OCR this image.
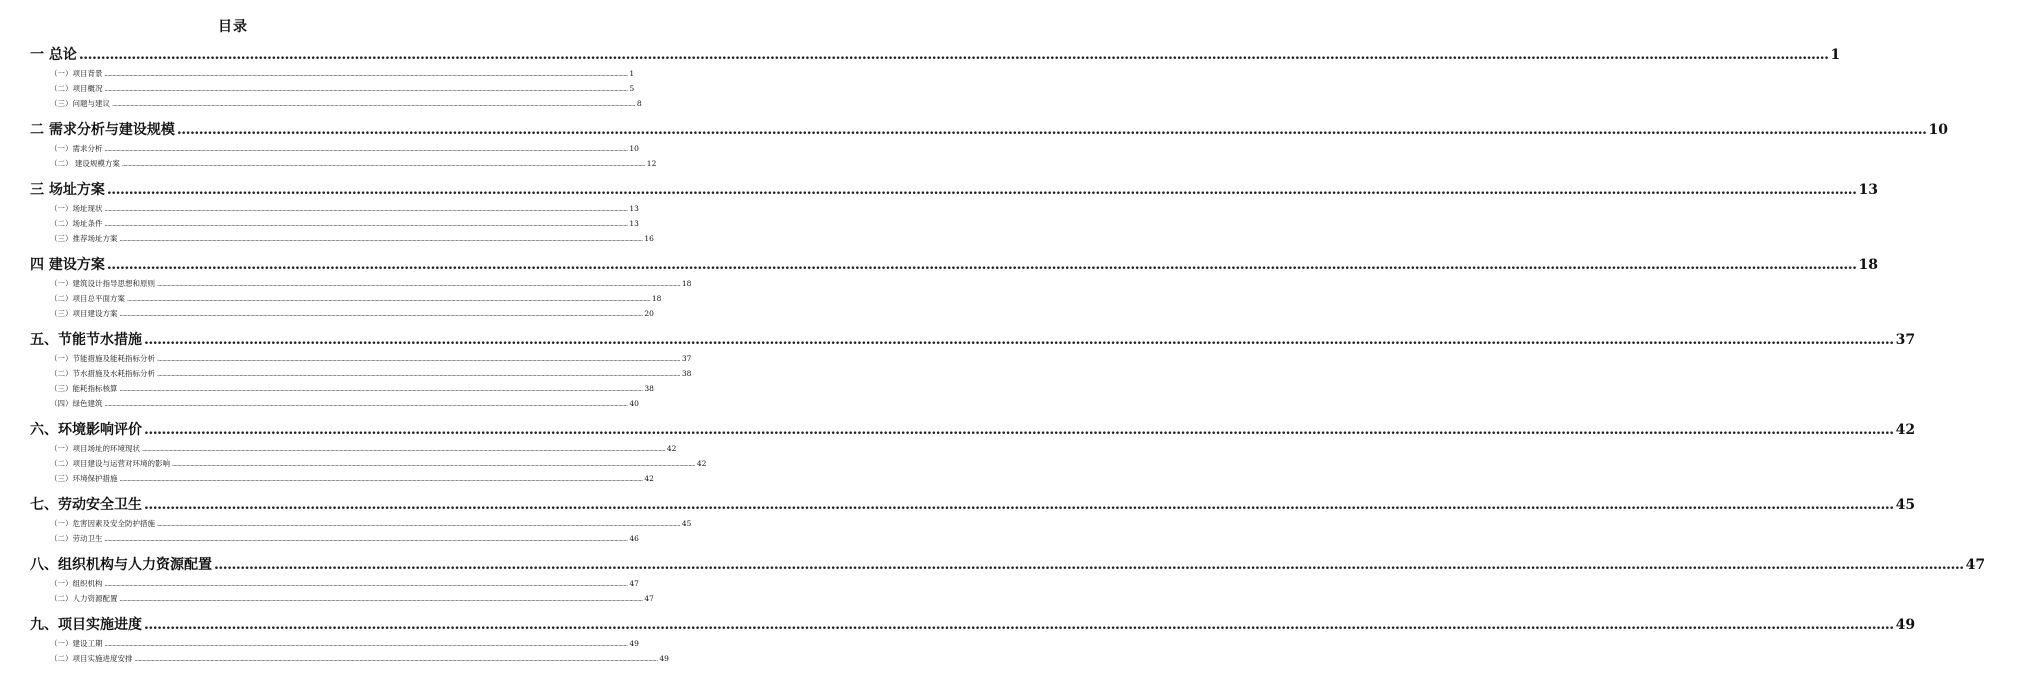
目录
一 总论 ................................................................................................................................................................................................................................................................................................................................................................................................................ 1
（一）项目背景 ................................................................................................................................................................................................................................................................................................................................................................................................................ 1
（二）项目概况 ................................................................................................................................................................................................................................................................................................................................................................................................................ 5
（三）问题与建议 ................................................................................................................................................................................................................................................................................................................................................................................................................ 8
二 需求分析与建设规模 ................................................................................................................................................................................................................................................................................................................................................................................................................ 10
（一）需求分析 ................................................................................................................................................................................................................................................................................................................................................................................................................ 10
（二） 建设规模方案 ................................................................................................................................................................................................................................................................................................................................................................................................................ 12
三 场址方案 ................................................................................................................................................................................................................................................................................................................................................................................................................ 13
（一）场址现状 ................................................................................................................................................................................................................................................................................................................................................................................................................ 13
（二）场址条件 ................................................................................................................................................................................................................................................................................................................................................................................................................ 13
（三）推荐场址方案 ................................................................................................................................................................................................................................................................................................................................................................................................................ 16
四 建设方案 ................................................................................................................................................................................................................................................................................................................................................................................................................ 18
（一）建筑设计指导思想和原则 ................................................................................................................................................................................................................................................................................................................................................................................................................ 18
（二）项目总平面方案 ................................................................................................................................................................................................................................................................................................................................................................................................................ 18
（三）项目建设方案 ................................................................................................................................................................................................................................................................................................................................................................................................................ 20
五、节能节水措施 ................................................................................................................................................................................................................................................................................................................................................................................................................ 37
（一）节能措施及能耗指标分析 ................................................................................................................................................................................................................................................................................................................................................................................................................ 37
（二）节水措施及水耗指标分析 ................................................................................................................................................................................................................................................................................................................................................................................................................ 38
（三）能耗指标核算 ................................................................................................................................................................................................................................................................................................................................................................................................................ 38
（四）绿色建筑 ................................................................................................................................................................................................................................................................................................................................................................................................................ 40
六、环境影响评价 ................................................................................................................................................................................................................................................................................................................................................................................................................ 42
（一）项目场址的环境现状 ................................................................................................................................................................................................................................................................................................................................................................................................................ 42
（二）项目建设与运营对环境的影响 ................................................................................................................................................................................................................................................................................................................................................................................................................ 42
（三）环境保护措施 ................................................................................................................................................................................................................................................................................................................................................................................................................ 42
七、劳动安全卫生 ................................................................................................................................................................................................................................................................................................................................................................................................................ 45
（一）危害因素及安全防护措施 ................................................................................................................................................................................................................................................................................................................................................................................................................ 45
（二）劳动卫生 ................................................................................................................................................................................................................................................................................................................................................................................................................ 46
八、组织机构与人力资源配置 ................................................................................................................................................................................................................................................................................................................................................................................................................ 47
（一）组织机构 ................................................................................................................................................................................................................................................................................................................................................................................................................ 47
（二）人力资源配置 ................................................................................................................................................................................................................................................................................................................................................................................................................ 47
九、项目实施进度 ................................................................................................................................................................................................................................................................................................................................................................................................................ 49
（一）建设工期 ................................................................................................................................................................................................................................................................................................................................................................................................................ 49
（二）项目实施进度安排 ................................................................................................................................................................................................................................................................................................................................................................................................................ 49
